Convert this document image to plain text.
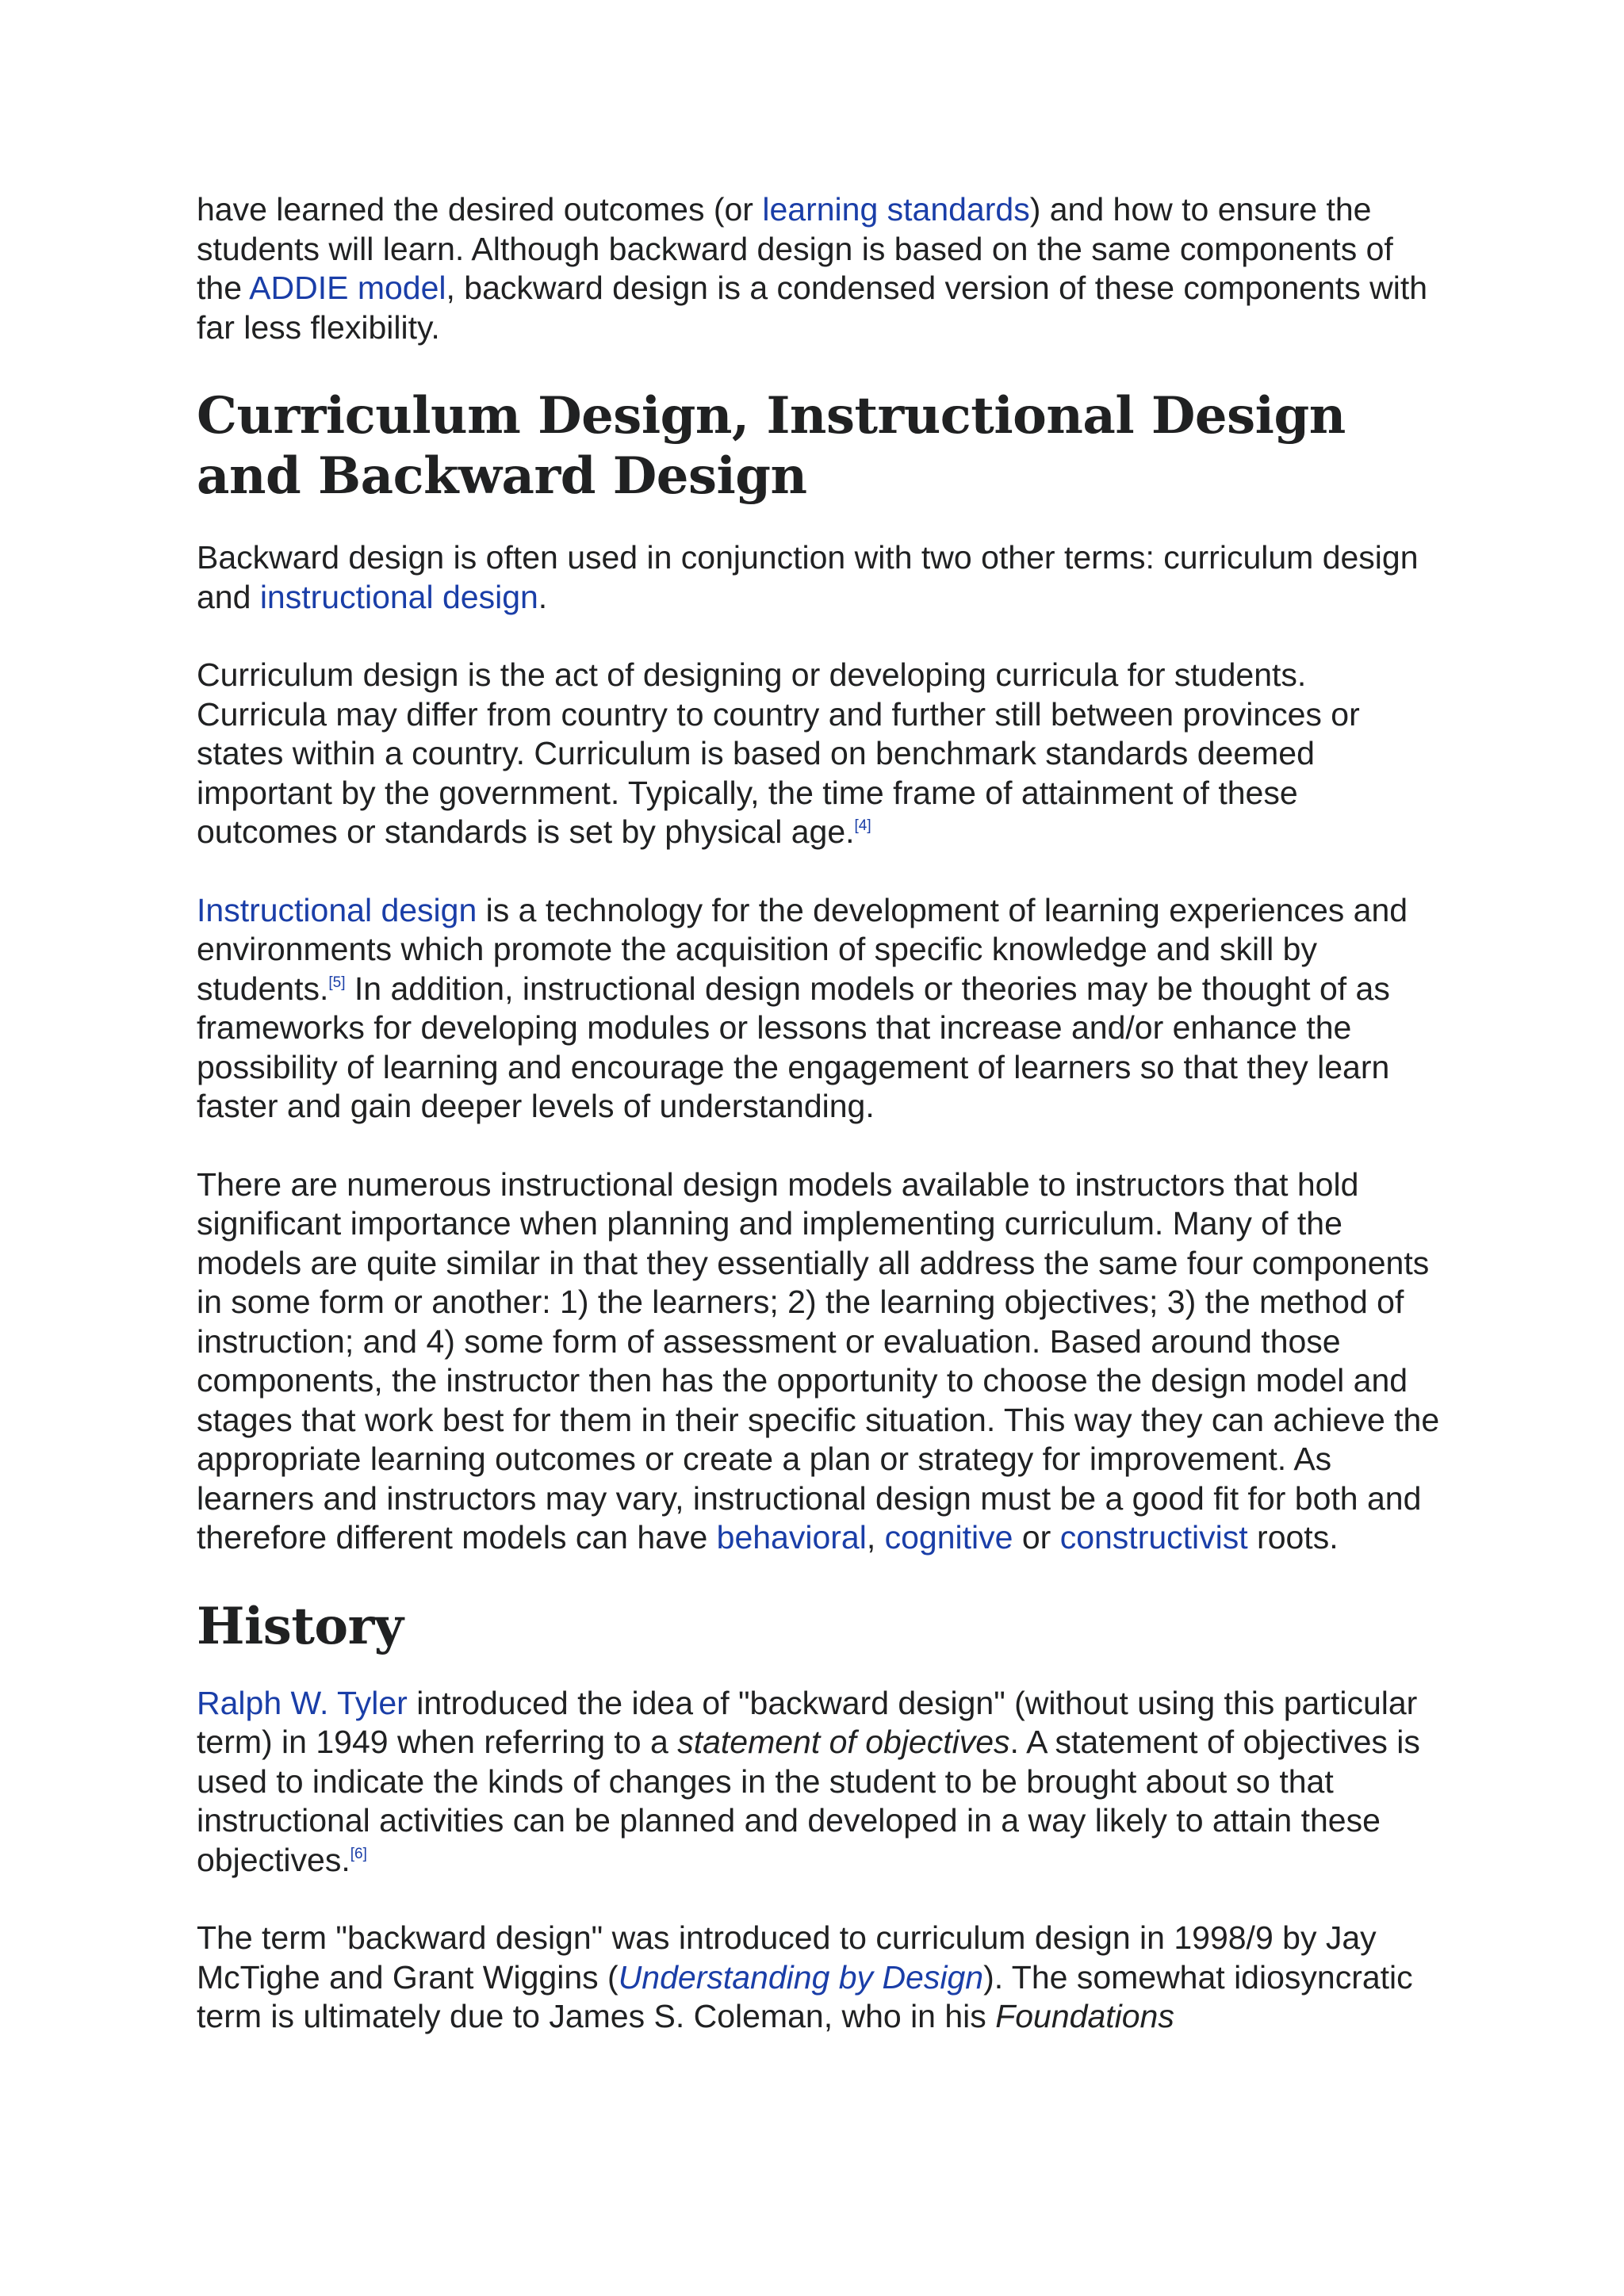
have learned the desired outcomes (or learning standards) and how to ensure the students will learn. Although backward design is based on the same components of the ADDIE model, backward design is a condensed version of these components with far less flexibility.

Curriculum Design, Instructional Design and Backward Design

Backward design is often used in conjunction with two other terms: curriculum design and instructional design.

Curriculum design is the act of designing or developing curricula for students. Curricula may differ from country to country and further still between provinces or states within a country. Curriculum is based on benchmark standards deemed important by the government. Typically, the time frame of attainment of these outcomes or standards is set by physical age.[4]

Instructional design is a technology for the development of learning experiences and environments which promote the acquisition of specific knowledge and skill by students.[5] In addition, instructional design models or theories may be thought of as frameworks for developing modules or lessons that increase and/or enhance the possibility of learning and encourage the engagement of learners so that they learn faster and gain deeper levels of understanding.

There are numerous instructional design models available to instructors that hold significant importance when planning and implementing curriculum. Many of the models are quite similar in that they essentially all address the same four components in some form or another: 1) the learners; 2) the learning objectives; 3) the method of instruction; and 4) some form of assessment or evaluation. Based around those components, the instructor then has the opportunity to choose the design model and stages that work best for them in their specific situation. This way they can achieve the appropriate learning outcomes or create a plan or strategy for improvement. As learners and instructors may vary, instructional design must be a good fit for both and therefore different models can have behavioral, cognitive or constructivist roots.

History

Ralph W. Tyler introduced the idea of "backward design" (without using this particular term) in 1949 when referring to a statement of objectives. A statement of objectives is used to indicate the kinds of changes in the student to be brought about so that instructional activities can be planned and developed in a way likely to attain these objectives.[6]

The term "backward design" was introduced to curriculum design in 1998/9 by Jay McTighe and Grant Wiggins (Understanding by Design). The somewhat idiosyncratic term is ultimately due to James S. Coleman, who in his Foundations
